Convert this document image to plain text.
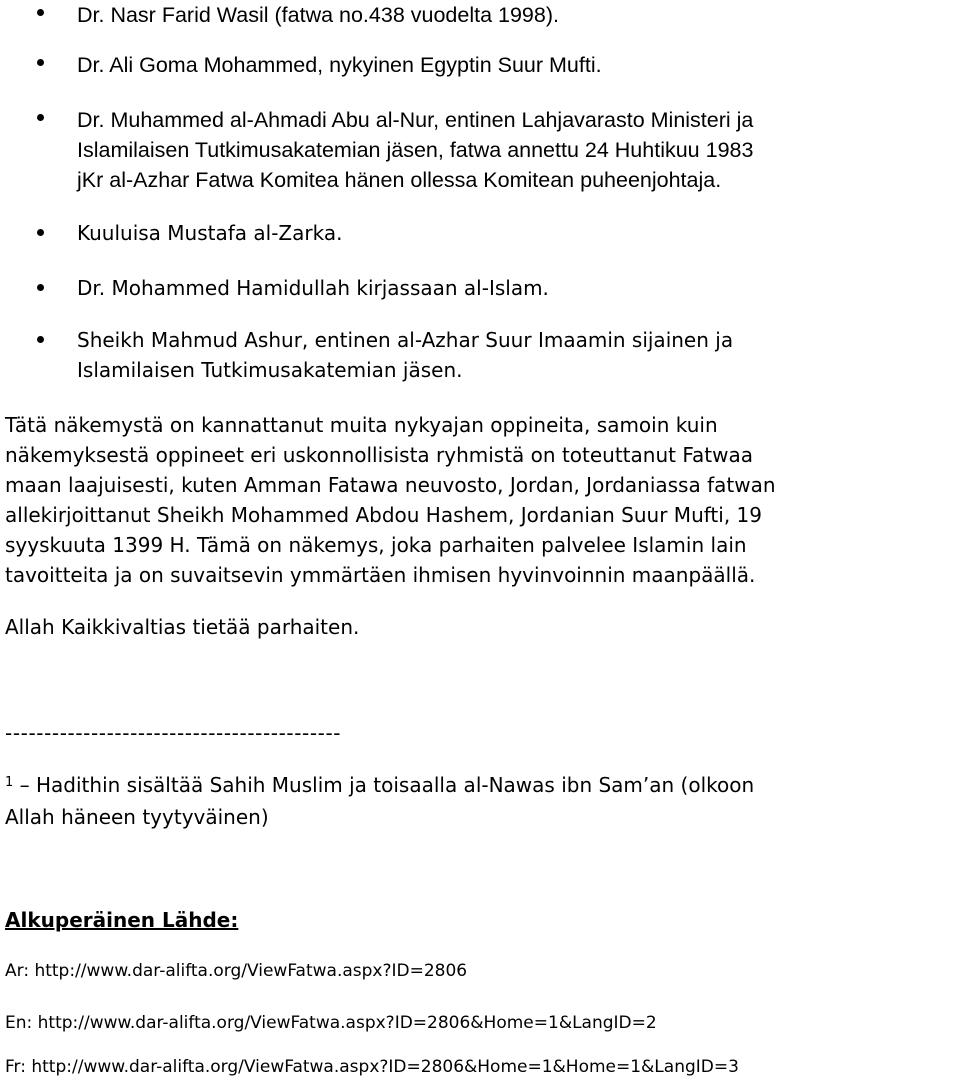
Dr. Nasr Farid Wasil (fatwa no.438 vuodelta 1998).
Dr. Ali Goma Mohammed, nykyinen Egyptin Suur Mufti.
Dr. Muhammed al-Ahmadi Abu al-Nur, entinen Lahjavarasto Ministeri ja
Islamilaisen Tutkimusakatemian jäsen, fatwa annettu 24 Huhtikuu 1983
jKr al-Azhar Fatwa Komitea hänen ollessa Komitean puheenjohtaja.
Kuuluisa Mustafa al-Zarka.
Dr. Mohammed Hamidullah kirjassaan al-Islam.
Sheikh Mahmud Ashur, entinen al-Azhar Suur Imaamin sijainen ja
Islamilaisen Tutkimusakatemian jäsen.
Tätä näkemystä on kannattanut muita nykyajan oppineita, samoin kuin
näkemyksestä oppineet eri uskonnollisista ryhmistä on toteuttanut Fatwaa
maan laajuisesti, kuten Amman Fatawa neuvosto, Jordan, Jordaniassa fatwan
allekirjoittanut Sheikh Mohammed Abdou Hashem, Jordanian Suur Mufti, 19
syyskuuta 1399 H. Tämä on näkemys, joka parhaiten palvelee Islamin lain
tavoitteita ja on suvaitsevin ymmärtäen ihmisen hyvinvoinnin maanpäällä.
Allah Kaikkivaltias tietää parhaiten.
-------------------------------------------
$^1$ – Hadithin sisältää Sahih Muslim ja toisaalla al-Nawas ibn Sam’an (olkoon
Allah häneen tyytyväinen)
Alkuperäinen Lähde:
Ar: http://www.dar-alifta.org/ViewFatwa.aspx?ID=2806
En: http://www.dar-alifta.org/ViewFatwa.aspx?ID=2806&Home=1&LangID=2
Fr: http://www.dar-alifta.org/ViewFatwa.aspx?ID=2806&Home=1&Home=1&LangID=3
